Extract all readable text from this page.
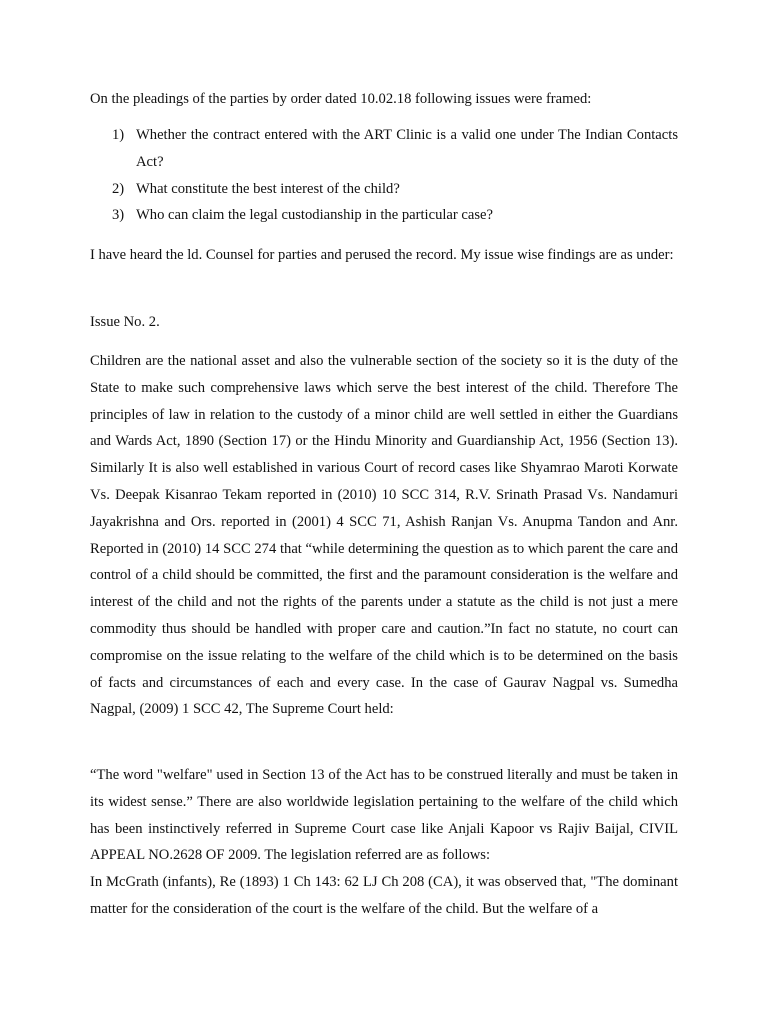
On the pleadings of the parties by order dated 10.02.18 following issues were framed:

1) Whether the contract entered with the ART Clinic is a valid one under The Indian Contacts Act?
2) What constitute the best interest of the child?
3) Who can claim the legal custodianship in the particular case?

I have heard the ld. Counsel for parties and perused the record. My issue wise findings are as under:

Issue No. 2.

Children are the national asset and also the vulnerable section of the society so it is the duty of the State to make such comprehensive laws which serve the best interest of the child. Therefore The principles of law in relation to the custody of a minor child are well settled in either the Guardians and Wards Act, 1890 (Section 17) or the Hindu Minority and Guardianship Act, 1956 (Section 13). Similarly It is also well established in various Court of record cases like Shyamrao Maroti Korwate Vs. Deepak Kisanrao Tekam reported in (2010) 10 SCC 314, R.V. Srinath Prasad Vs. Nandamuri Jayakrishna and Ors. reported in (2001) 4 SCC 71, Ashish Ranjan Vs. Anupma Tandon and Anr. Reported in (2010) 14 SCC 274 that “while determining the question as to which parent the care and control of a child should be committed, the first and the paramount consideration is the welfare and interest of the child and not the rights of the parents under a statute as the child is not just a mere commodity thus should be handled with proper care and caution.”In fact no statute, no court can compromise on the issue relating to the welfare of the child which is to be determined on the basis of facts and circumstances of each and every case. In the case of Gaurav Nagpal vs. Sumedha Nagpal, (2009) 1 SCC 42, The Supreme Court held:

“The word "welfare" used in Section 13 of the Act has to be construed literally and must be taken in its widest sense.” There are also worldwide legislation pertaining to the welfare of the child which has been instinctively referred in Supreme Court case like Anjali Kapoor vs Rajiv Baijal, CIVIL APPEAL NO.2628 OF 2009. The legislation referred are as follows:
In McGrath (infants), Re (1893) 1 Ch 143: 62 LJ Ch 208 (CA), it was observed that, "The dominant matter for the consideration of the court is the welfare of the child. But the welfare of a
